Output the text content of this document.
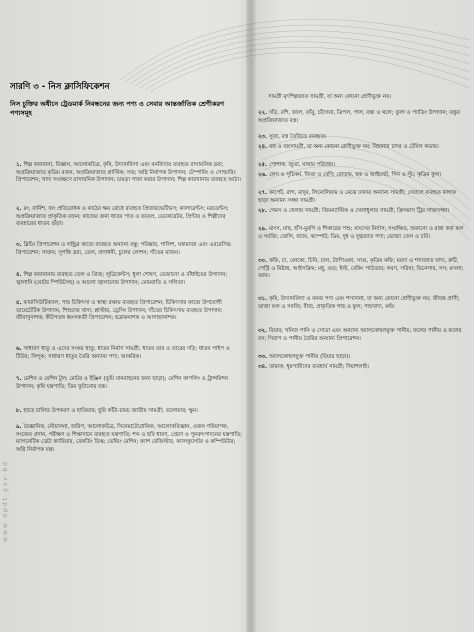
সারণি ৩ - নিস ক্লাসিফিকেশন
নিস চুক্তির অধীনে ট্রেডমার্ক নিবন্ধনের জন্য পণ্য ও সেবার আন্তর্জাতিক শ্রেণীকরণ
পণ্যসমূহ
১. শিল্প কারখানা, বিজ্ঞান, আলোকচিত্র, কৃষি, উদ্যানবিদ্যা এবং বনবিদ্যায় ব্যবহৃত রাসায়নিক দ্রব্য; অপ্রক্রিয়াজাত কৃত্রিম রজন, অপ্রক্রিয়াজাত প্লাস্টিক; সার; অগ্নি নির্বাপক উপাদান; টেম্পারিং ও সোল্ডারিং প্রিপারেশন; খাদ্য সংরক্ষণে রাসায়নিক উপাদান; চামড়া পাকা করার উপাদান; শিল্প কারখানায় ব্যবহৃত আঠা।
২. রং, বার্নিশ, জং প্রতিরোধক ও কাঠের ক্ষয় রোধে ব্যবহৃত প্রিজারভেটিভস; কালারেন্টস; মরডেন্টস; অপ্রক্রিয়াজাত প্রাকৃতিক রজন; কাজের জন্য ধাতব পাত ও ফয়েল, ডেকোরেটর, প্রিন্টার ও শিল্পীদের ব্যবহারের ধাতব গুঁড়া।
৩. ব্লিচিং প্রিপারেশন ও লন্ড্রির কাজে ব্যবহৃত অন্যান্য বস্তু; পরিষ্কার, পালিশ, ঘষামাজা এবং এবরেসিভ প্রিপারেশন; সাবান; সুগন্ধি দ্রব্য, তেল, প্রসাধনী, চুলের লোশন; দাঁতের মাজন।
৪. শিল্প কারখানায় ব্যবহৃত তেল ও গ্রিজ; লুব্রিকেন্টস; ধুলা শোষণ, ভেজানো ও বাঁধাইয়ের উপাদান; জ্বালানি (মোটর স্পিরিটসহ) ও আলো জ্বালানোর উপাদান; মোমবাতি ও সলিতা।
৫. ফার্মাসিউটিক্যাল, পশু চিকিৎসা ও স্বাস্থ্য রক্ষায় ব্যবহৃত প্রিপারেশন; চিকিৎসার কাজে উপযোগী ডায়েটেটিক উপাদান, শিশুদের খাদ্য; প্লাস্টার, ড্রেসিং উপাদান; দাঁতের চিকিৎসায় ব্যবহৃত উপাদান; জীবাণুনাশক; কীটপতঙ্গ ধ্বংসকারী প্রিপারেশন; ছত্রাকনাশক ও আগাছানাশক।
৬. সাধারণ ধাতু ও এদের সংকর ধাতু; ধাতব নির্মাণ সামগ্রী; ধাতব তার ও তারের দড়ি; ধাতব পাইপ ও টিউব; সিন্দুক; সাধারণ ধাতুর তৈরি অন্যান্য পণ্য; আকরিক।
৭. মেশিন ও মেশিন টুল; মোটর ও ইঞ্জিন (ভূমি যানবাহনের জন্য ছাড়া); মেশিন কাপলিং ও ট্রান্সমিশন উপাদান; কৃষি যন্ত্রপাতি; ডিম ফুটানোর যন্ত্র।
৮. হাতে চালিত উপকরণ ও হাতিয়ার; ছুরি কাঁটা-চামচ জাতীয় সামগ্রী; তলোয়ার; ক্ষুর।
৯. বৈজ্ঞানিক, নৌচালনা, জরিপ, আলোকচিত্র, সিনেমাটোগ্রাফিক, আলোকবিজ্ঞান, ওজন পরিমাপক, সংকেত প্রদান, পরীক্ষণ ও শিক্ষাদানে ব্যবহৃত যন্ত্রপাতি; শব্দ ও ছবি ধারণ, প্রেরণ ও পুনরুৎপাদনের যন্ত্রপাতি; ম্যাগনেটিক ডেটা ক্যারিয়ার, রেকর্ডিং ডিস্ক; ভেন্ডিং মেশিন; ক্যাশ রেজিস্টার, ক্যালকুলেটর ও কম্পিউটার; অগ্নি নির্বাপক যন্ত্র।
সামগ্রী মৃৎশিল্পজাত সামগ্রী, যা অন্য কোনো শ্রেণীভুক্ত নয়।
২২. দড়ি, রশি, জাল, তাঁবু, চাঁদোয়া, ত্রিপল, পাল, বস্তা ও থলে; তুলা ও প্যাডিং উপাদান; তন্তুর অপ্রক্রিয়াজাত বস্ত্র।
২৩. সুতা, বস্ত্র তৈরিতে ব্যবহৃত।
২৪. বস্ত্র ও বস্ত্রসামগ্রী, যা অন্য কোনো শ্রেণীভুক্ত নয়; বিছানার চাদর ও টেবিল কভার।
২৫. পোশাক, জুতা, মাথার পরিধেয়।
২৬. লেস ও সূচিকর্ম, ফিতা ও বেণি; বোতাম, হুক ও আইলেট, পিন ও সুঁচ; কৃত্রিম ফুল।
২৭. কার্পেট, রাগ, মাদুর, লিনোলিয়াম ও মেঝে ঢাকার অন্যান্য সামগ্রী; দেয়ালে ব্যবহৃত কাগজ ছাড়া অন্যান্য সজ্জা সামগ্রী।
২৮. গেমস ও খেলার সামগ্রী; জিমন্যাস্টিক ও খেলাধুলার সামগ্রী; ক্রিসমাস ট্রির সাজসজ্জা।
২৯. মাংস, মাছ, হাঁস-মুরগি ও শিকারের পশু; মাংসের নির্যাস; সংরক্ষিত, শুকানো ও রান্না করা ফল ও সবজি; জেলি, জ্যাম, কম্পোট; ডিম, দুধ ও দুগ্ধজাত পণ্য; ভোজ্য তেল ও চর্বি।
৩০. কফি, চা, কোকো, চিনি, চাল, ট্যাপিওকা, সাগু, কৃত্রিম কফি; ময়দা ও শস্যজাত খাদ্য, রুটি, পেস্ট্রি ও মিষ্টান্ন, আইসক্রিম; মধু, গুড়; ইস্ট, বেকিং পাউডার; লবণ, সরিষা; ভিনেগার, সস; মসলা; বরফ।
৩১. কৃষি, উদ্যানবিদ্যা ও বনজ পণ্য এবং শস্যদানা, যা অন্য কোনো শ্রেণীভুক্ত নয়; জীবন্ত প্রাণী; তাজা ফল ও সবজি; বীজ, প্রাকৃতিক গাছ ও ফুল; পশুখাদ্য, মল্ট।
৩২. বিয়ার; খনিজ পানি ও সোডা এবং অন্যান্য অ্যালকোহলমুক্ত পানীয়; ফলের পানীয় ও ফলের রস; সিরাপ ও পানীয় তৈরির অন্যান্য প্রিপারেশন।
৩৩. অ্যালকোহলযুক্ত পানীয় (বিয়ার ছাড়া)।
৩৪. তামাক; ধূমপায়ীদের ব্যবহার্য সামগ্রী; দিয়াশলাই।
www.dpdt.gov.bd
